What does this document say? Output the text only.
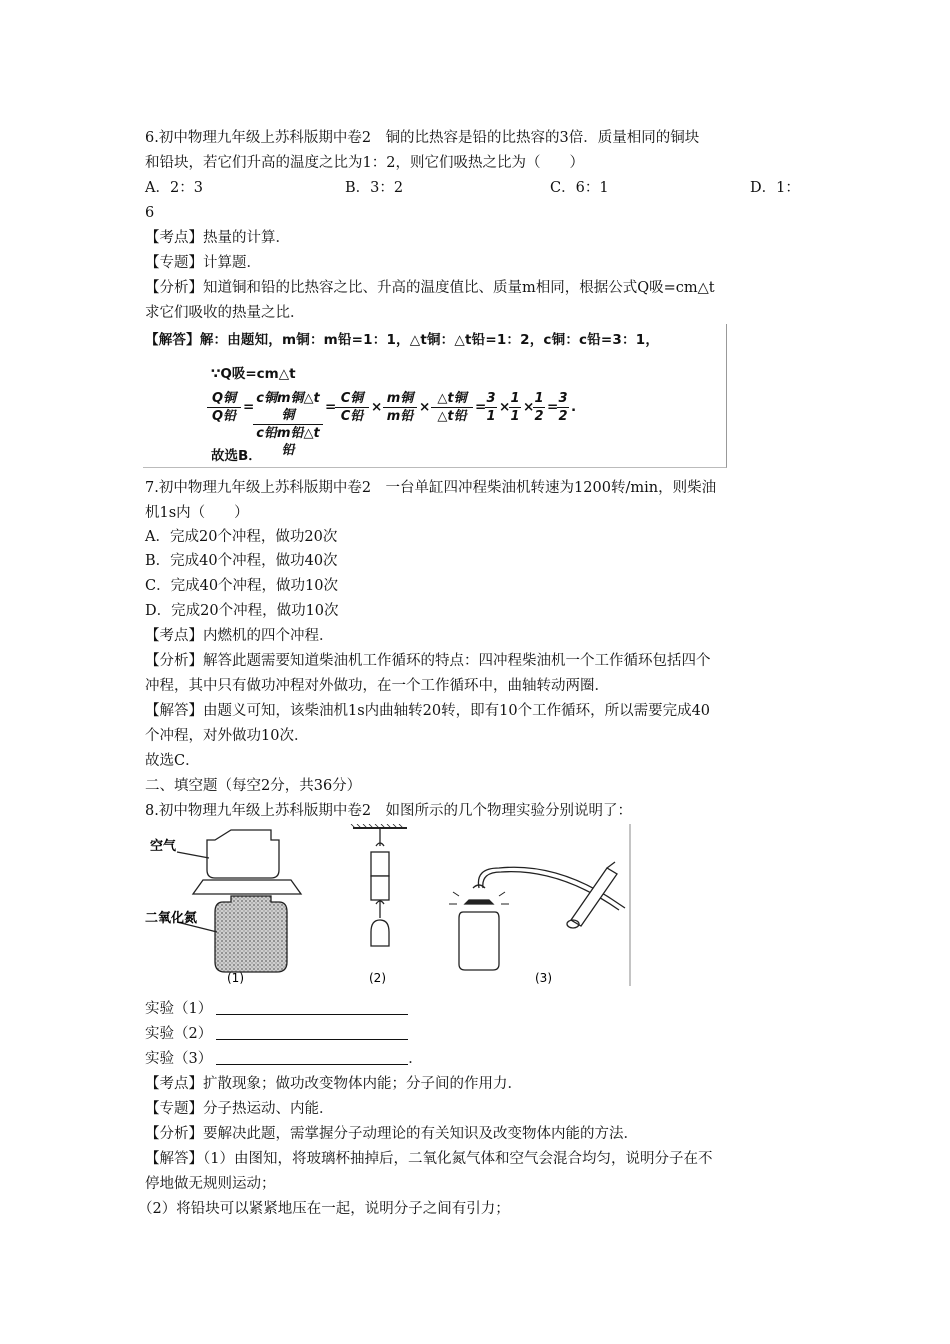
6.初中物理九年级上苏科版期中卷2　铜的比热容是铅的比热容的3倍．质量相同的铜块
和铅块，若它们升高的温度之比为1：2，则它们吸热之比为（　　）
A．2：3	B．3：2	C．6：1	D．1：
6
【考点】热量的计算．
【专题】计算题．
【分析】知道铜和铅的比热容之比、升高的温度值比、质量m相同，根据公式Q吸=cm△t
求它们吸收的热量之比．
【解答】解：由题知，m铜：m铅=1：1，△t铜：△t铅=1：2，c铜：c铅=3：1，
∵Q吸=cm△t
Q铜
Q铅
=
c铜m铜△t铜
c铅m铅△t铅
=
C铜
C铅
×
m铜
m铅
×
△t铜
△t铅
=
$\frac{3}{1}$ ×
$\frac{1}{1}$ ×
$\frac{1}{2}$ =
$\frac{3}{2}$ .
故选B．
7.初中物理九年级上苏科版期中卷2　一台单缸四冲程柴油机转速为1200转/min，则柴油
机1s内（　　）
A．完成20个冲程，做功20次
B．完成40个冲程，做功40次
C．完成40个冲程，做功10次
D．完成20个冲程，做功10次
【考点】内燃机的四个冲程．
【分析】解答此题需要知道柴油机工作循环的特点：四冲程柴油机一个工作循环包括四个
冲程，其中只有做功冲程对外做功，在一个工作循环中，曲轴转动两圈．
【解答】由题义可知，该柴油机1s内曲轴转20转，即有10个工作循环，所以需要完成40
个冲程，对外做功10次．
故选C．
二、填空题（每空2分，共36分）
8.初中物理九年级上苏科版期中卷2　如图所示的几个物理实验分别说明了：
空气
二氧化氮
(1)	(2)	(3)
实验（1）
实验（2）
实验（3）	．
【考点】扩散现象；做功改变物体内能；分子间的作用力．
【专题】分子热运动、内能．
【分析】要解决此题，需掌握分子动理论的有关知识及改变物体内能的方法．
【解答】（1）由图知，将玻璃杯抽掉后，二氧化氮气体和空气会混合均匀，说明分子在不
停地做无规则运动；
（2）将铅块可以紧紧地压在一起，说明分子之间有引力；
